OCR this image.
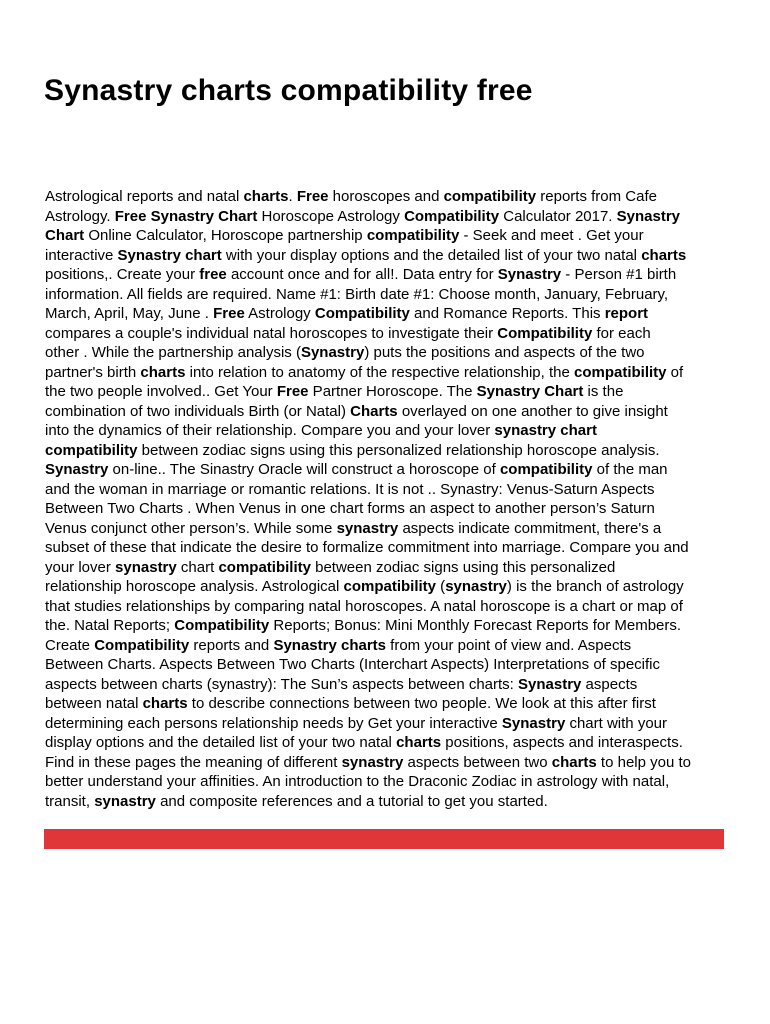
Synastry charts compatibility free
Astrological reports and natal charts. Free horoscopes and compatibility reports from Cafe
Astrology. Free Synastry Chart Horoscope Astrology Compatibility Calculator 2017. Synastry
Chart Online Calculator, Horoscope partnership compatibility - Seek and meet . Get your
interactive Synastry chart with your display options and the detailed list of your two natal charts
positions,. Create your free account once and for all!. Data entry for Synastry - Person #1 birth
information. All fields are required. Name #1: Birth date #1: Choose month, January, February,
March, April, May, June . Free Astrology Compatibility and Romance Reports. This report
compares a couple's individual natal horoscopes to investigate their Compatibility for each
other . While the partnership analysis (Synastry) puts the positions and aspects of the two
partner's birth charts into relation to anatomy of the respective relationship, the compatibility of
the two people involved.. Get Your Free Partner Horoscope. The Synastry Chart is the
combination of two individuals Birth (or Natal) Charts overlayed on one another to give insight
into the dynamics of their relationship. Compare you and your lover synastry chart
compatibility between zodiac signs using this personalized relationship horoscope analysis.
Synastry on-line.. The Sinastry Oracle will construct a horoscope of compatibility of the man
and the woman in marriage or romantic relations. It is not .. Synastry: Venus-Saturn Aspects
Between Two Charts . When Venus in one chart forms an aspect to another person’s Saturn
Venus conjunct other person’s. While some synastry aspects indicate commitment, there's a
subset of these that indicate the desire to formalize commitment into marriage. Compare you and
your lover synastry chart compatibility between zodiac signs using this personalized
relationship horoscope analysis. Astrological compatibility (synastry) is the branch of astrology
that studies relationships by comparing natal horoscopes. A natal horoscope is a chart or map of
the. Natal Reports; Compatibility Reports; Bonus: Mini Monthly Forecast Reports for Members.
Create Compatibility reports and Synastry charts from your point of view and. Aspects
Between Charts. Aspects Between Two Charts (Interchart Aspects) Interpretations of specific
aspects between charts (synastry): The Sun’s aspects between charts: Synastry aspects
between natal charts to describe connections between two people. We look at this after first
determining each persons relationship needs by Get your interactive Synastry chart with your
display options and the detailed list of your two natal charts positions, aspects and interaspects.
Find in these pages the meaning of different synastry aspects between two charts to help you to
better understand your affinities. An introduction to the Draconic Zodiac in astrology with natal,
transit, synastry and composite references and a tutorial to get you started.
